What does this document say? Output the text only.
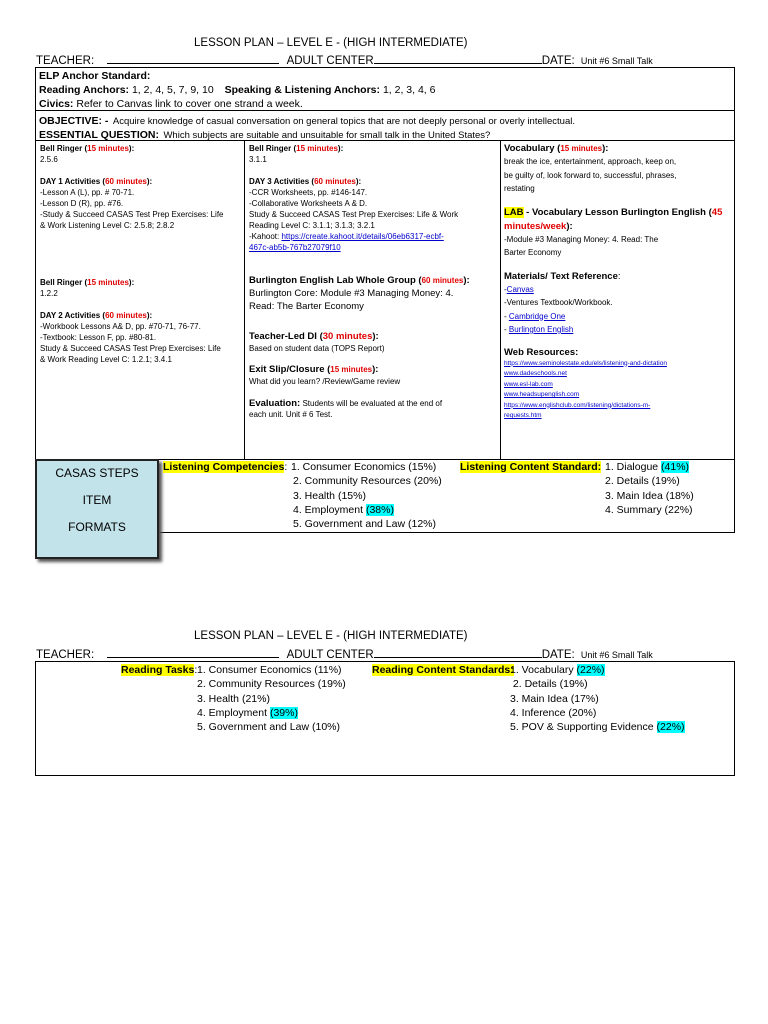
LESSON PLAN – LEVEL E - (HIGH INTERMEDIATE)
TEACHER:	ADULT CENTER	DATE: Unit #6 Small Talk
ELP Anchor Standard:
Reading Anchors: 1, 2, 4, 5, 7, 9, 10 Speaking & Listening Anchors: 1, 2, 3, 4, 6
Civics: Refer to Canvas link to cover one strand a week.
OBJECTIVE: - Acquire knowledge of casual conversation on general topics that are not deeply personal or overly intellectual.
ESSENTIAL QUESTION: Which subjects are suitable and unsuitable for small talk in the United States?
Bell Ringer (15 minutes):
2.5.6
DAY 1 Activities (60 minutes):
-Lesson A (L), pp. # 70-71.
-Lesson D (R), pp. #76.
-Study & Succeed CASAS Test Prep Exercises: Life
& Work Listening Level C: 2.5.8; 2.8.2
Bell Ringer (15 minutes):
1.2.2
DAY 2 Activities (60 minutes):
-Workbook Lessons A& D, pp. #70-71, 76-77.
-Textbook: Lesson F, pp. #80-81.
Study & Succeed CASAS Test Prep Exercises: Life
& Work Reading Level C: 1.2.1; 3.4.1
Bell Ringer (15 minutes):
3.1.1
DAY 3 Activities (60 minutes):
-CCR Worksheets, pp. #146-147.
-Collaborative Worksheets A & D.
Study & Succeed CASAS Test Prep Exercises: Life & Work
Reading Level C: 3.1.1; 3.1.3; 3.2.1
-Kahoot: https://create.kahoot.it/details/06eb6317-ecbf-
467c-ab5b-767b27079f10
Burlington English Lab Whole Group (60 minutes):
Burlington Core: Module #3 Managing Money: 4.
Read: The Barter Economy
Teacher-Led DI (30 minutes):
Based on student data (TOPS Report)
Exit Slip/Closure (15 minutes):
What did you learn? /Review/Game review
Evaluation: Students will be evaluated at the end of
each unit. Unit # 6 Test.
Vocabulary (15 minutes):
break the ice, entertainment, approach, keep on,
be guilty of, look forward to, successful, phrases,
restating
LAB - Vocabulary Lesson Burlington English (45
minutes/week):
-Module #3 Managing Money: 4. Read: The
Barter Economy
Materials/ Text Reference:
-Canvas
-Ventures Textbook/Workbook.
- Cambridge One
- Burlington English
Web Resources:
https://www.seminolestate.edu/els/listening-and-dictation
www.dadeschools.net
www.esl-lab.com
www.headsupenglish.com
https://www.englishclub.com/listening/dictations-m-
requests.htm
CASAS STEPS
ITEM
FORMATS
Listening Competencies: 1. Consumer Economics (15%)
2. Community Resources (20%)
3. Health (15%)
4. Employment (38%)
5. Government and Law (12%)
Listening Content Standard: 1. Dialogue (41%)
2. Details (19%)
3. Main Idea (18%)
4. Summary (22%)
LESSON PLAN – LEVEL E - (HIGH INTERMEDIATE)
TEACHER:	ADULT CENTER	DATE: Unit #6 Small Talk
Reading Tasks: 1. Consumer Economics (11%)
2. Community Resources (19%)
3. Health (21%)
4. Employment (39%)
5. Government and Law (10%)
Reading Content Standards:
1. Vocabulary (22%)
2. Details (19%)
3. Main Idea (17%)
4. Inference (20%)
5. POV & Supporting Evidence (22%)
